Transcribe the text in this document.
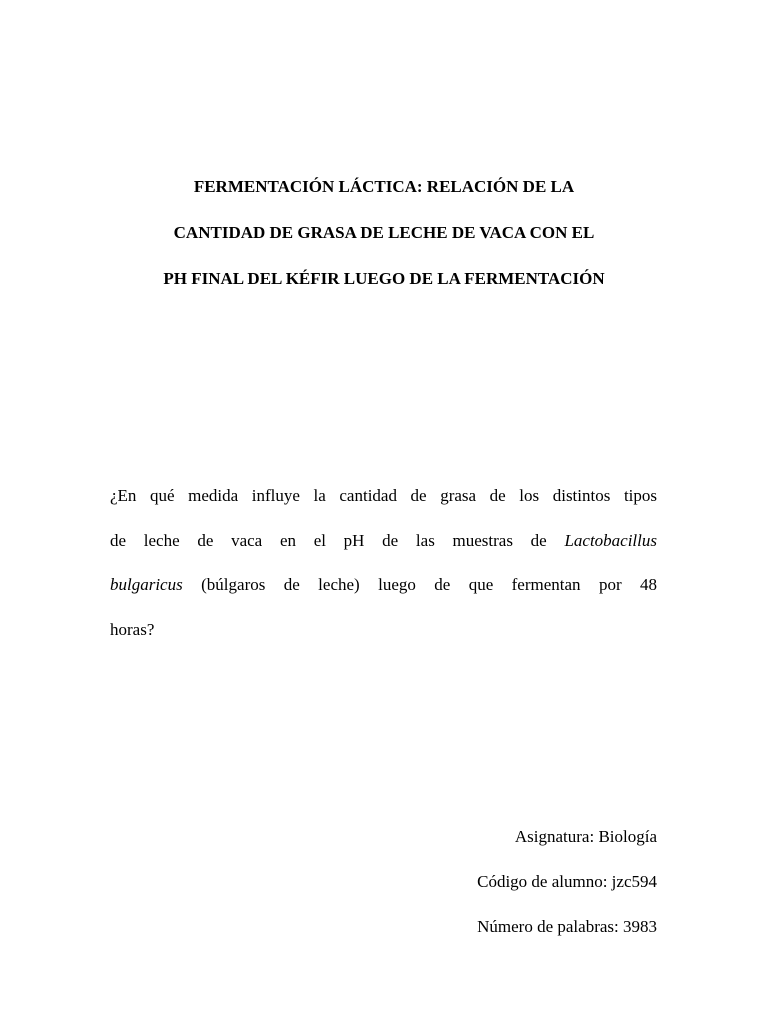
FERMENTACIÓN LÁCTICA: RELACIÓN DE LA
CANTIDAD DE GRASA DE LECHE DE VACA CON EL
PH FINAL DEL KÉFIR LUEGO DE LA FERMENTACIÓN

¿En qué medida influye la cantidad de grasa de los distintos tipos
de leche de vaca en el pH de las muestras de Lactobacillus
bulgaricus (búlgaros de leche) luego de que fermentan por 48
horas?

Asignatura: Biología
Código de alumno: jzc594
Número de palabras: 3983
